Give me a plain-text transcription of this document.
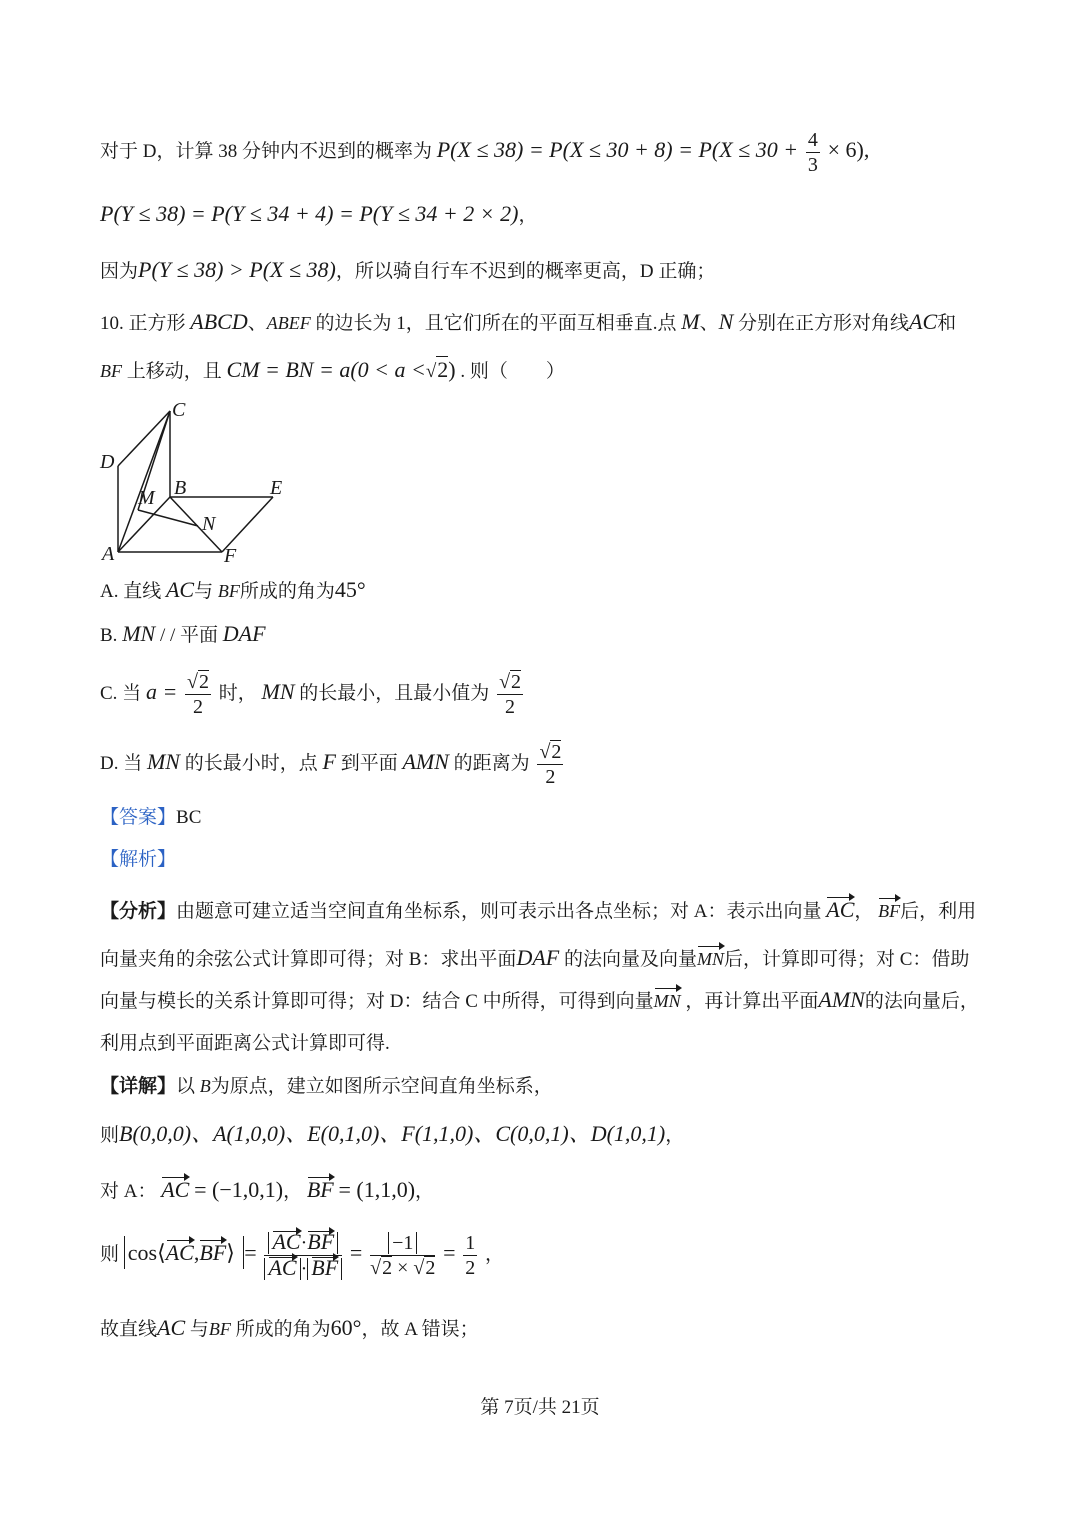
对于 D，计算 38 分钟内不迟到的概率为 $P(X \le 38) = P(X \le 30 + 8) = P(X \le 30 + \frac{4}{3} \times 6)$,
P(Y ≤ 38) = P(Y ≤ 34 + 4) = P(Y ≤ 34 + 2 × 2)，
因为P(Y ≤ 38) > P(X ≤ 38)，所以骑自行车不迟到的概率更高，D 正确；
10. 正方形 ABCD、ABEF 的边长为 1，且它们所在的平面互相垂直.点 M、N 分别在正方形对角线AC和
BF 上移动，且 CM = BN = a(0 < a <√2) . 则（　　）
C
D
M B	E
N
A	F
A. 直线 AC与 BF所成的角为45°
B. MN / / 平面 DAF
C. 当 $a = \frac{√2}{2}$ 时， MN 的长最小，且最小值为 $\frac{√2}{2}$
D. 当 MN 的长最小时，点 F 到平面 AMN 的距离为 $\frac{√2}{2}$
【答案】BC
【解析】
【分析】由题意可建立适当空间直角坐标系，则可表示出各点坐标；对 A：表示出向量 AC， BF后，利用
向量夹角的余弦公式计算即可得；对 B：求出平面DAF 的法向量及向量MN后，计算即可得；对 C：借助
向量与模长的关系计算即可得；对 D：结合 C 中所得，可得到向量MN ，再计算出平面AMN的法向量后，
利用点到平面距离公式计算即可得.
【详解】以 B为原点，建立如图所示空间直角坐标系，
则B(0,0,0)、A(1,0,0)、E(0,1,0)、F(1,1,0)、C(0,0,1)、D(1,0,1)，
对 A： AC = (−1,0,1)， BF = (1,1,0)，
则 cos⟨AC,BF⟩ = $\frac{AC\cdot BF}{AC \cdot BF} = \frac{-1}{√2 \times √2} = \frac{1}{2}$ ，
故直线AC 与BF 所成的角为60°，故 A 错误；
第 7页/共 21页
